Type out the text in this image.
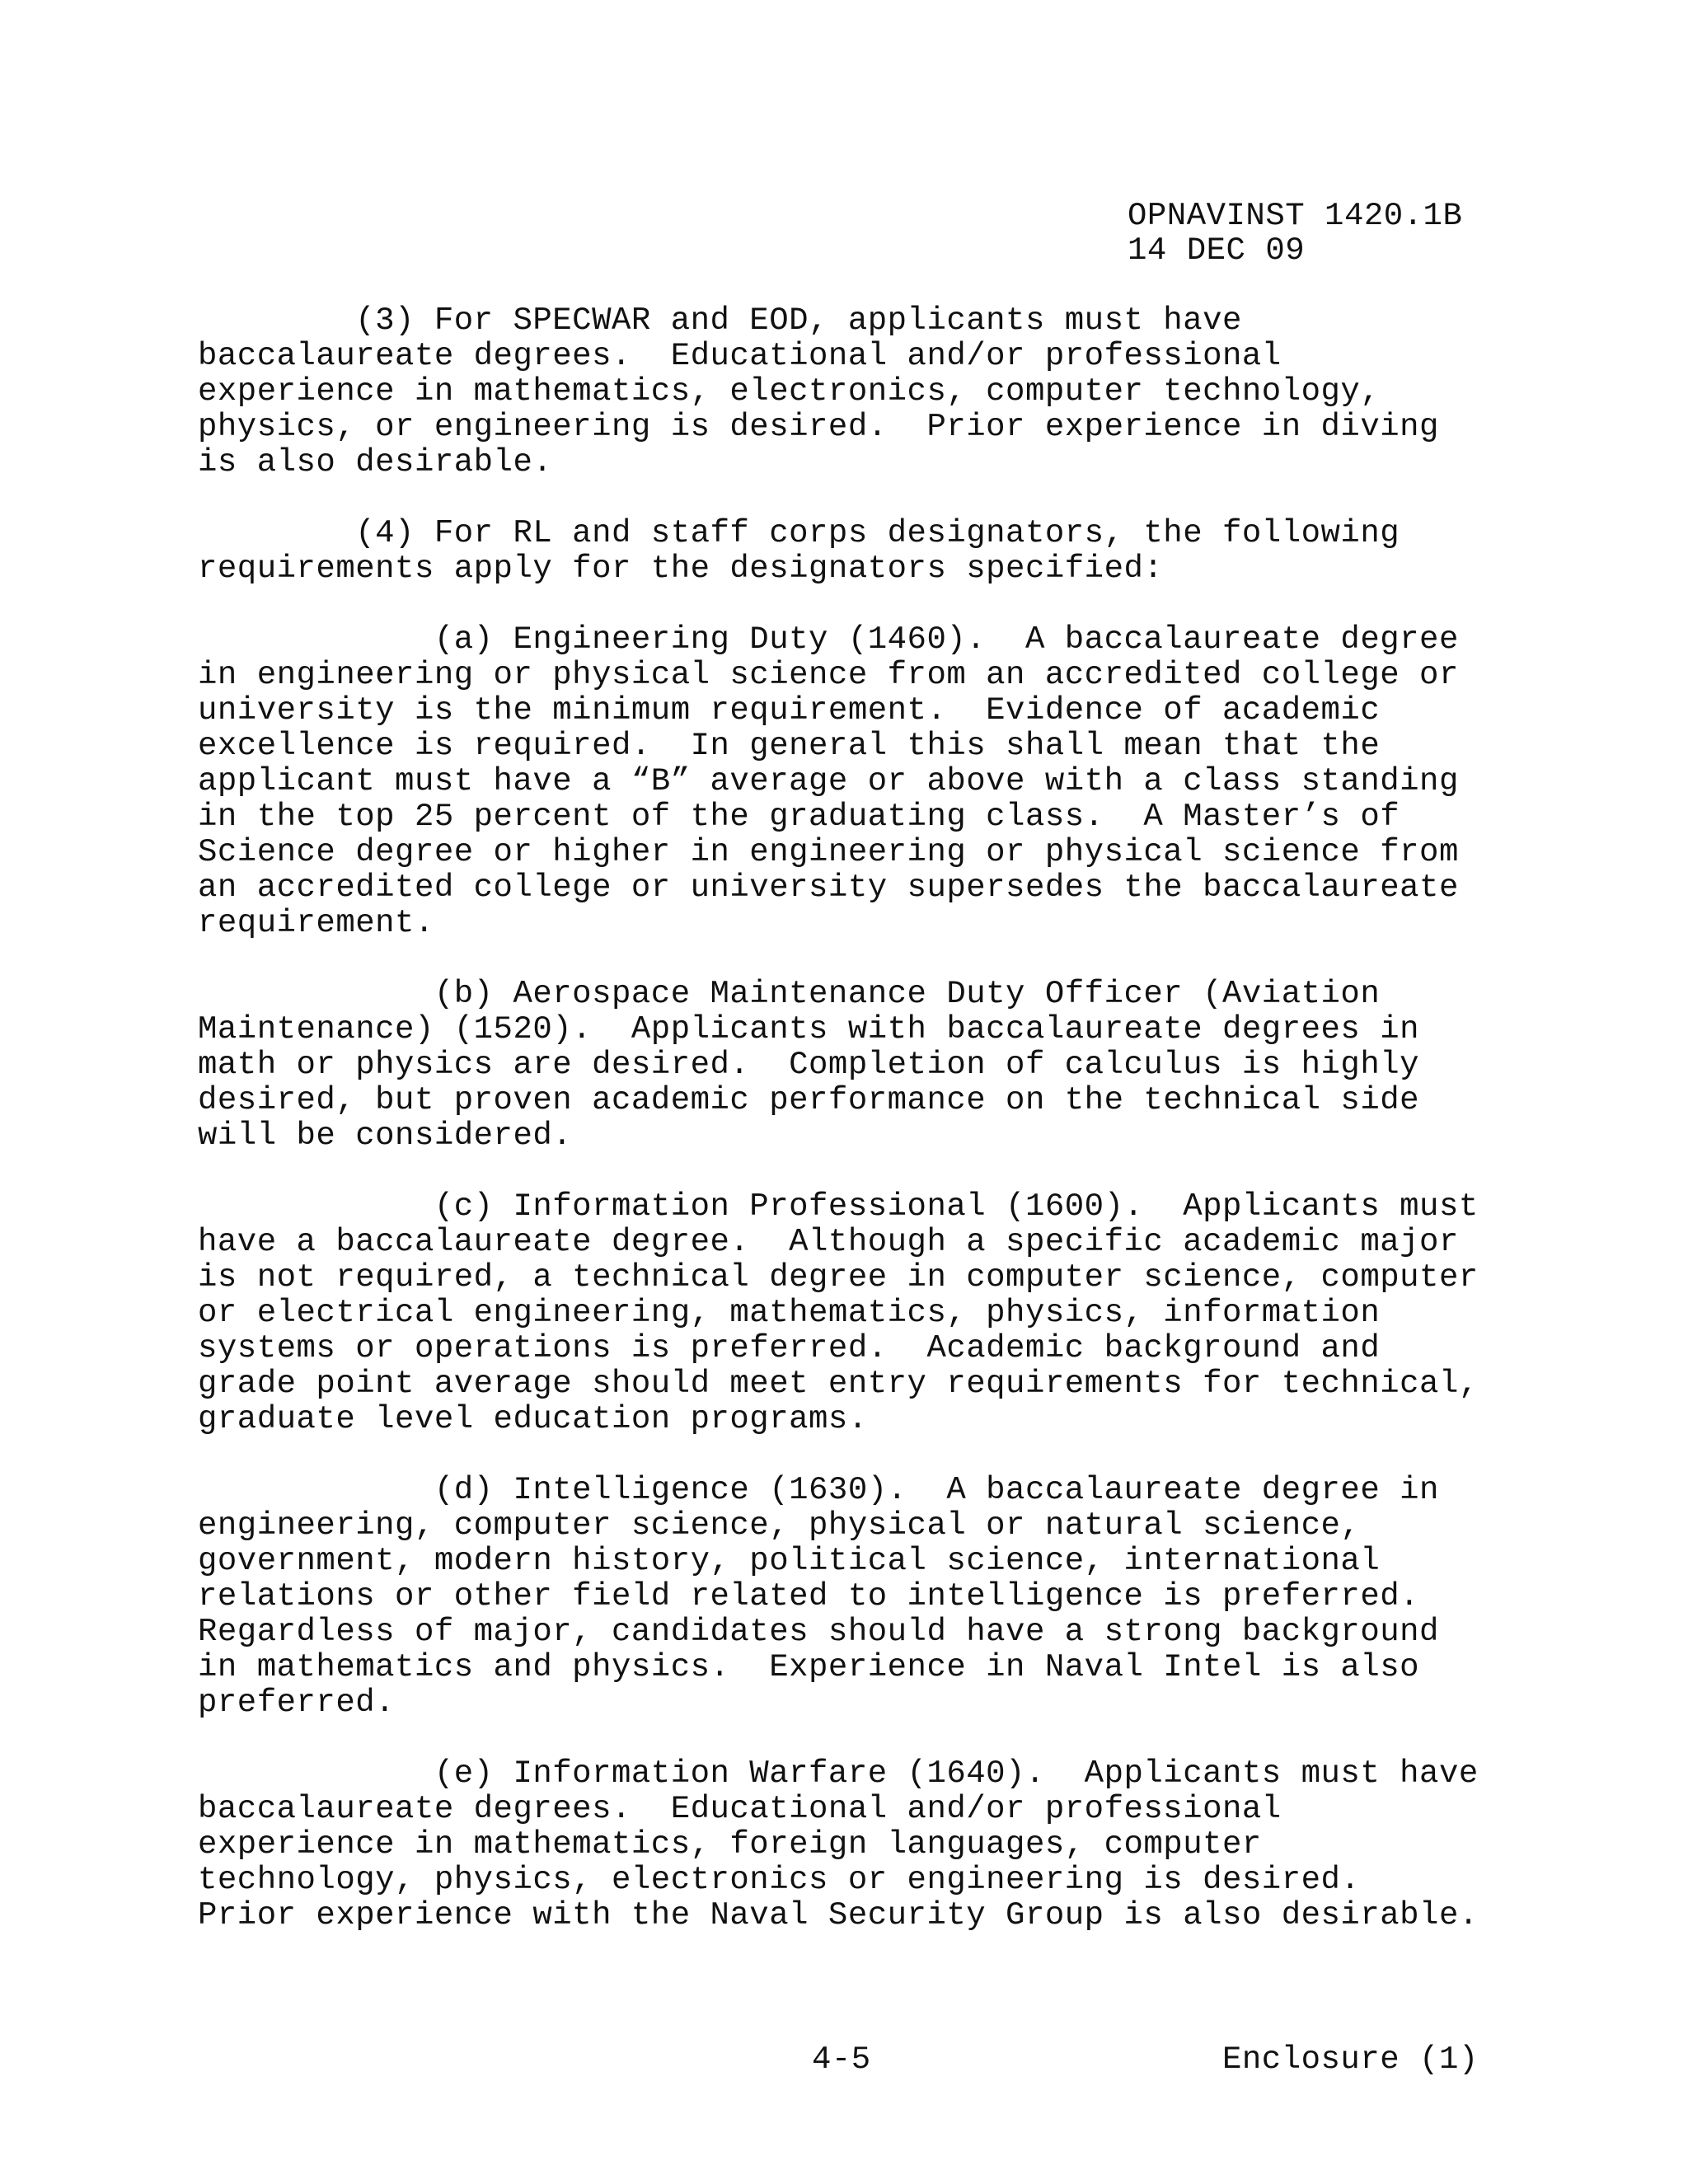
OPNAVINST 1420.1B
14 DEC 09
(3) For SPECWAR and EOD, applicants must have
baccalaureate degrees.  Educational and/or professional
experience in mathematics, electronics, computer technology,
physics, or engineering is desired.  Prior experience in diving
is also desirable.
(4) For RL and staff corps designators, the following
requirements apply for the designators specified:
(a) Engineering Duty (1460).  A baccalaureate degree
in engineering or physical science from an accredited college or
university is the minimum requirement.  Evidence of academic
excellence is required.  In general this shall mean that the
applicant must have a “B” average or above with a class standing
in the top 25 percent of the graduating class.  A Master’s of
Science degree or higher in engineering or physical science from
an accredited college or university supersedes the baccalaureate
requirement.
(b) Aerospace Maintenance Duty Officer (Aviation
Maintenance) (1520).  Applicants with baccalaureate degrees in
math or physics are desired.  Completion of calculus is highly
desired, but proven academic performance on the technical side
will be considered.
(c) Information Professional (1600).  Applicants must
have a baccalaureate degree.  Although a specific academic major
is not required, a technical degree in computer science, computer
or electrical engineering, mathematics, physics, information
systems or operations is preferred.  Academic background and
grade point average should meet entry requirements for technical,
graduate level education programs.
(d) Intelligence (1630).  A baccalaureate degree in
engineering, computer science, physical or natural science,
government, modern history, political science, international
relations or other field related to intelligence is preferred.
Regardless of major, candidates should have a strong background
in mathematics and physics.  Experience in Naval Intel is also
preferred.
(e) Information Warfare (1640).  Applicants must have
baccalaureate degrees.  Educational and/or professional
experience in mathematics, foreign languages, computer
technology, physics, electronics or engineering is desired.
Prior experience with the Naval Security Group is also desirable.
4-5	Enclosure (1)
